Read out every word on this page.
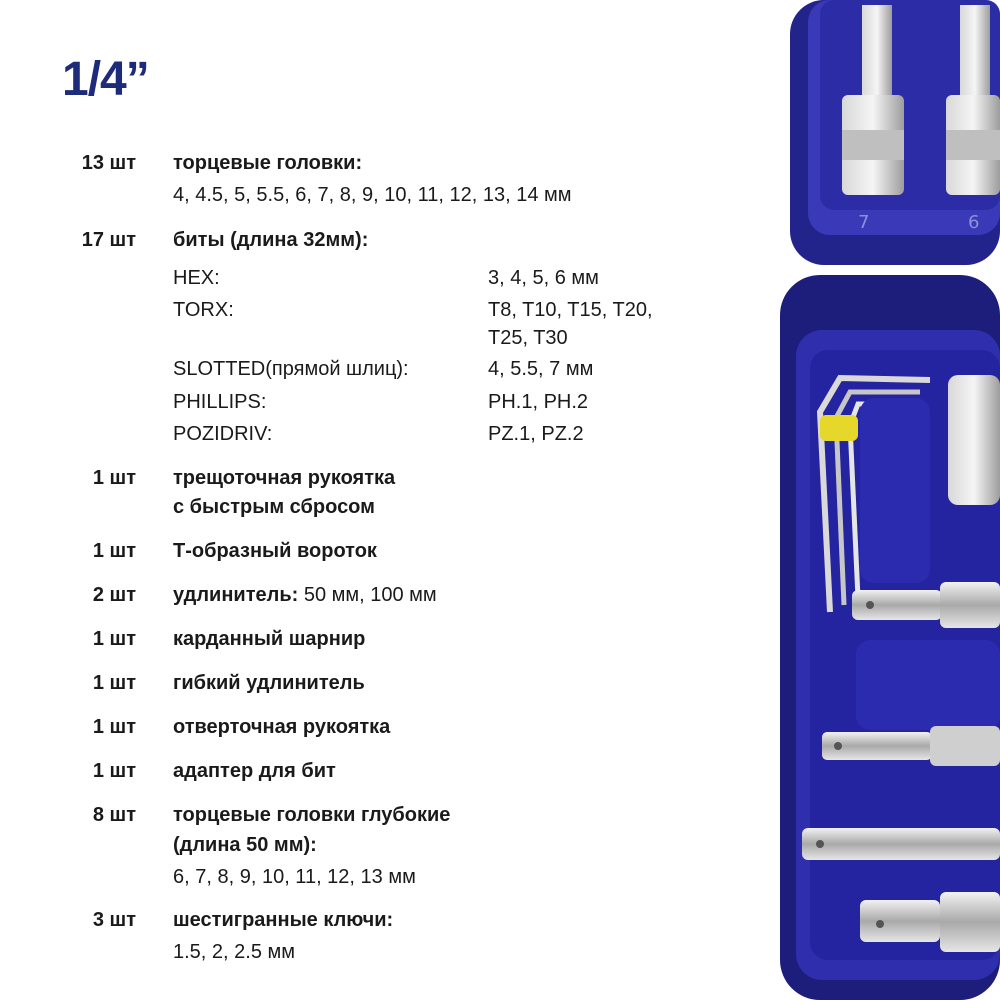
1/4”
13 шт торцевые головки:
4, 4.5, 5, 5.5, 6, 7, 8, 9, 10, 11, 12, 13, 14 мм
17 шт биты (длина 32мм):
HEX:	3, 4, 5, 6 мм
TORX:	T8, T10, T15, T20,
T25, T30
SLOTTED(прямой шлиц):	4, 5.5, 7 мм
PHILLIPS:	PH.1, PH.2
POZIDRIV:	PZ.1, PZ.2
1 шт трещоточная рукоятка
с быстрым сбросом
1 шт Т-образный вороток
2 шт удлинитель: 50 мм, 100 мм
1 шт карданный шарнир
1 шт гибкий удлинитель
1 шт отверточная рукоятка
1 шт адаптер для бит
8 шт торцевые головки глубокие
(длина 50 мм):
6, 7, 8, 9, 10, 11, 12, 13 мм
3 шт шестигранные ключи:
1.5, 2, 2.5 мм
7	6
